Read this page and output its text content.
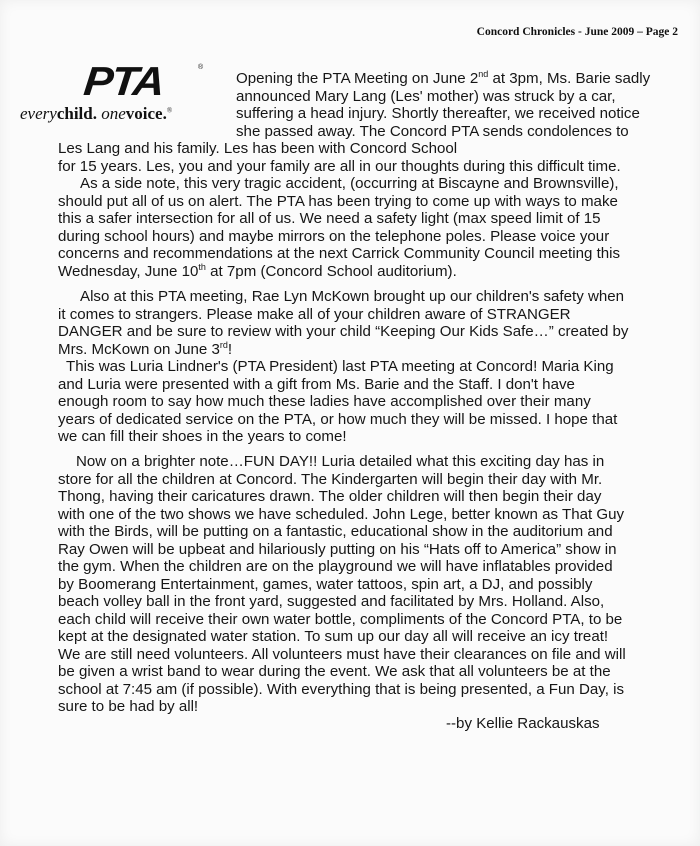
Concord Chronicles - June 2009 – Page 2
PTA	®
everychild. onevoice.®
Opening the PTA Meeting on June 2nd at 3pm, Ms. Barie sadly
announced Mary Lang (Les' mother) was struck by a car,
suffering a head injury. Shortly thereafter, we received notice
she passed away. The Concord PTA sends condolences to
Les Lang and his family. Les has been with Concord School
for 15 years. Les, you and your family are all in our thoughts during this difficult time.
As a side note, this very tragic accident, (occurring at Biscayne and Brownsville),
should put all of us on alert. The PTA has been trying to come up with ways to make
this a safer intersection for all of us. We need a safety light (max speed limit of 15
during school hours) and maybe mirrors on the telephone poles. Please voice your
concerns and recommendations at the next Carrick Community Council meeting this
Wednesday, June 10th at 7pm (Concord School auditorium).
Also at this PTA meeting, Rae Lyn McKown brought up our children's safety when
it comes to strangers. Please make all of your children aware of STRANGER
DANGER and be sure to review with your child “Keeping Our Kids Safe…” created by
Mrs. McKown on June 3rd!
This was Luria Lindner's (PTA President) last PTA meeting at Concord! Maria King
and Luria were presented with a gift from Ms. Barie and the Staff. I don't have
enough room to say how much these ladies have accomplished over their many
years of dedicated service on the PTA, or how much they will be missed. I hope that
we can fill their shoes in the years to come!
Now on a brighter note…FUN DAY!! Luria detailed what this exciting day has in
store for all the children at Concord. The Kindergarten will begin their day with Mr.
Thong, having their caricatures drawn. The older children will then begin their day
with one of the two shows we have scheduled. John Lege, better known as That Guy
with the Birds, will be putting on a fantastic, educational show in the auditorium and
Ray Owen will be upbeat and hilariously putting on his “Hats off to America” show in
the gym. When the children are on the playground we will have inflatables provided
by Boomerang Entertainment, games, water tattoos, spin art, a DJ, and possibly
beach volley ball in the front yard, suggested and facilitated by Mrs. Holland. Also,
each child will receive their own water bottle, compliments of the Concord PTA, to be
kept at the designated water station. To sum up our day all will receive an icy treat!
We are still need volunteers. All volunteers must have their clearances on file and will
be given a wrist band to wear during the event. We ask that all volunteers be at the
school at 7:45 am (if possible). With everything that is being presented, a Fun Day, is
sure to be had by all!
--by Kellie Rackauskas
